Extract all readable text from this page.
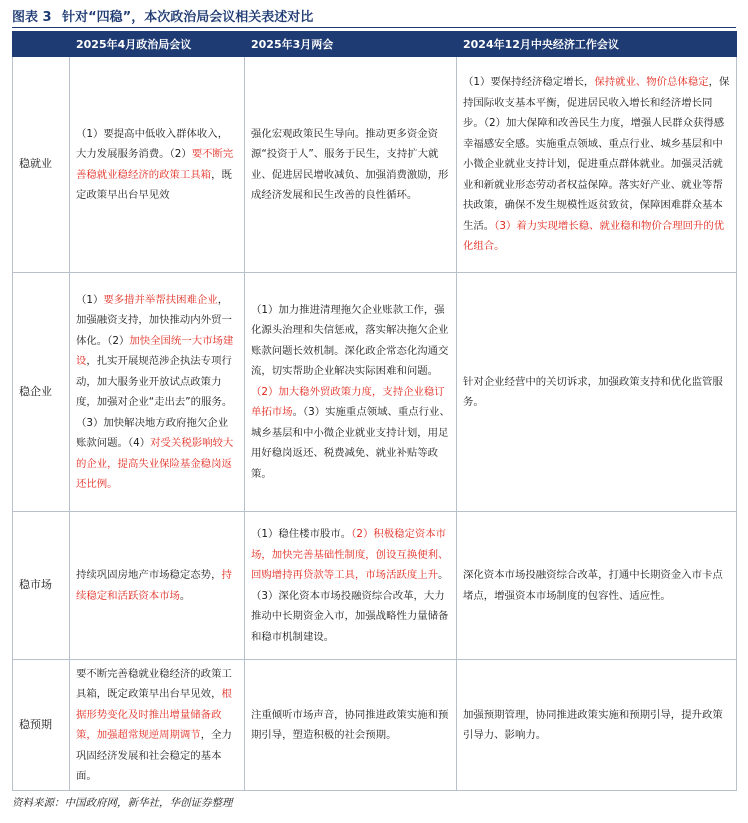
图表 3 针对“四稳”，本次政治局会议相关表述对比
	2025年4月政治局会议	2025年3月两会	2024年12月中央经济工作会议
稳就业	（1）要提高中低收入群体收入，大力发展服务消费。（2）要不断完善稳就业稳经济的政策工具箱，既定政策早出台早见效	强化宏观政策民生导向。推动更多资金资源“投资于人”、服务于民生，支持扩大就业、促进居民增收减负、加强消费激励，形成经济发展和民生改善的良性循环。	（1）要保持经济稳定增长，保持就业、物价总体稳定，保持国际收支基本平衡，促进居民收入增长和经济增长同步。（2）加大保障和改善民生力度，增强人民群众获得感幸福感安全感。实施重点领域、重点行业、城乡基层和中小微企业就业支持计划，促进重点群体就业。加强灵活就业和新就业形态劳动者权益保障。落实好产业、就业等帮扶政策，确保不发生规模性返贫致贫，保障困难群众基本生活。（3）着力实现增长稳、就业稳和物价合理回升的优化组合。
稳企业	（1）要多措并举帮扶困难企业，加强融资支持，加快推动内外贸一体化。（2）加快全国统一大市场建设，扎实开展规范涉企执法专项行动，加大服务业开放试点政策力度，加强对企业“走出去”的服务。（3）加快解决地方政府拖欠企业账款问题。（4）对受关税影响较大的企业，提高失业保险基金稳岗返还比例。	（1）加力推进清理拖欠企业账款工作，强化源头治理和失信惩戒，落实解决拖欠企业账款问题长效机制。深化政企常态化沟通交流，切实帮助企业解决实际困难和问题。（2）加大稳外贸政策力度，支持企业稳订单拓市场。（3）实施重点领域、重点行业、城乡基层和中小微企业就业支持计划，用足用好稳岗返还、税费减免、就业补贴等政策。	针对企业经营中的关切诉求，加强政策支持和优化监管服务。
稳市场	持续巩固房地产市场稳定态势，持续稳定和活跃资本市场。	（1）稳住楼市股市。（2）积极稳定资本市场，加快完善基础性制度，创设互换便利、回购增持再贷款等工具，市场活跃度上升。（3）深化资本市场投融资综合改革，大力推动中长期资金入市，加强战略性力量储备和稳市机制建设。	深化资本市场投融资综合改革，打通中长期资金入市卡点堵点，增强资本市场制度的包容性、适应性。
稳预期	要不断完善稳就业稳经济的政策工具箱，既定政策早出台早见效，根据形势变化及时推出增量储备政策，加强超常规逆周期调节，全力巩固经济发展和社会稳定的基本面。	注重倾听市场声音，协同推进政策实施和预期引导，塑造积极的社会预期。	加强预期管理，协同推进政策实施和预期引导，提升政策引导力、影响力。
资料来源：中国政府网，新华社，华创证券整理
